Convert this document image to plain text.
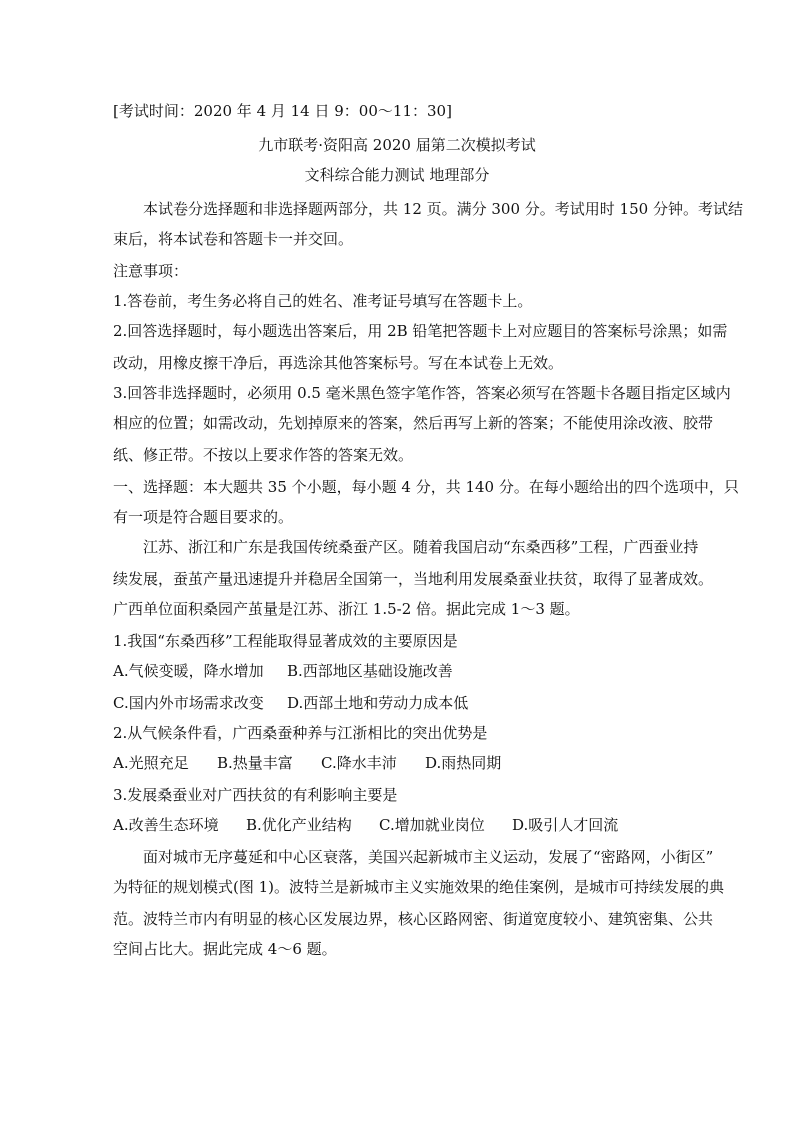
[考试时间：2020 年 4 月 14 日 9：00～11：30]

九市联考·资阳高 2020 届第二次模拟考试

文科综合能力测试 地理部分

本试卷分选择题和非选择题两部分，共 12 页。满分 300 分。考试用时 150 分钟。考试结

束后，将本试卷和答题卡一并交回。

注意事项：

1.答卷前，考生务必将自己的姓名、准考证号填写在答题卡上。

2.回答选择题时，每小题选出答案后，用 2B 铅笔把答题卡上对应题目的答案标号涂黑；如需

改动，用橡皮擦干净后，再选涂其他答案标号。写在本试卷上无效。

3.回答非选择题时，必须用 0.5 毫米黑色签字笔作答，答案必须写在答题卡各题目指定区域内

相应的位置；如需改动，先划掉原来的答案，然后再写上新的答案；不能使用涂改液、胶带

纸、修正带。不按以上要求作答的答案无效。

一、选择题：本大题共 35 个小题，每小题 4 分，共 140 分。在每小题给出的四个选项中，只

有一项是符合题目要求的。

江苏、浙江和广东是我国传统桑蚕产区。随着我国启动“东桑西移”工程，广西蚕业持

续发展，蚕茧产量迅速提升并稳居全国第一，当地利用发展桑蚕业扶贫，取得了显著成效。

广西单位面积桑园产茧量是江苏、浙江 1.5-2 倍。据此完成 1～3 题。

1.我国“东桑西移”工程能取得显著成效的主要原因是

A.气候变暖，降水增加 B.西部地区基础设施改善

C.国内外市场需求改变 D.西部土地和劳动力成本低

2.从气候条件看，广西桑蚕种养与江浙相比的突出优势是

A.光照充足 B.热量丰富 C.降水丰沛 D.雨热同期

3.发展桑蚕业对广西扶贫的有利影响主要是

A.改善生态环境 B.优化产业结构 C.增加就业岗位 D.吸引人才回流

面对城市无序蔓延和中心区衰落，美国兴起新城市主义运动，发展了“密路网，小街区”

为特征的规划模式(图 1)。波特兰是新城市主义实施效果的绝佳案例，是城市可持续发展的典

范。波特兰市内有明显的核心区发展边界，核心区路网密、街道宽度较小、建筑密集、公共

空间占比大。据此完成 4～6 题。
